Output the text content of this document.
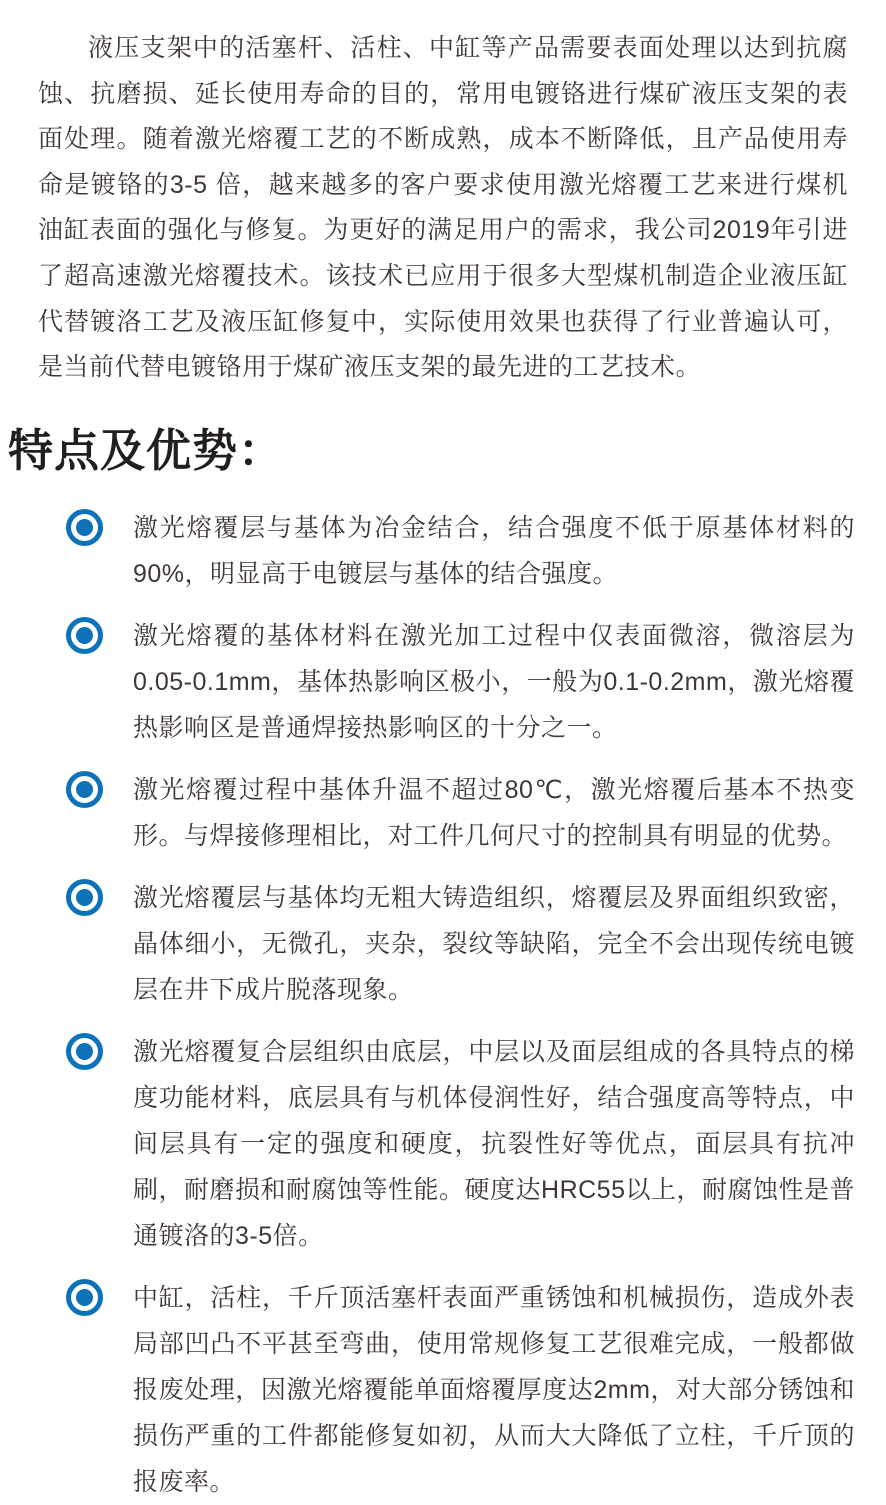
液压支架中的活塞杆、活柱、中缸等产品需要表面处理以达到抗腐蚀、抗磨损、延长使用寿命的目的，常用电镀铬进行煤矿液压支架的表面处理。随着激光熔覆工艺的不断成熟，成本不断降低，且产品使用寿命是镀铬的3-5 倍，越来越多的客户要求使用激光熔覆工艺来进行煤机油缸表面的强化与修复。为更好的满足用户的需求，我公司2019年引进了超高速激光熔覆技术。该技术已应用于很多大型煤机制造企业液压缸代替镀洛工艺及液压缸修复中，实际使用效果也获得了行业普遍认可，是当前代替电镀铬用于煤矿液压支架的最先进的工艺技术。

特点及优势：
激光熔覆层与基体为冶金结合，结合强度不低于原基体材料的90%，明显高于电镀层与基体的结合强度。
激光熔覆的基体材料在激光加工过程中仅表面微溶，微溶层为0.05-0.1mm，基体热影响区极小，一般为0.1-0.2mm，激光熔覆热影响区是普通焊接热影响区的十分之一。
激光熔覆过程中基体升温不超过80℃，激光熔覆后基本不热变形。与焊接修理相比，对工件几何尺寸的控制具有明显的优势。
激光熔覆层与基体均无粗大铸造组织，熔覆层及界面组织致密，晶体细小，无微孔，夹杂，裂纹等缺陷，完全不会出现传统电镀层在井下成片脱落现象。
激光熔覆复合层组织由底层，中层以及面层组成的各具特点的梯度功能材料，底层具有与机体侵润性好，结合强度高等特点，中间层具有一定的强度和硬度，抗裂性好等优点，面层具有抗冲刷，耐磨损和耐腐蚀等性能。硬度达HRC55以上，耐腐蚀性是普通镀洛的3-5倍。
中缸，活柱，千斤顶活塞杆表面严重锈蚀和机械损伤，造成外表局部凹凸不平甚至弯曲，使用常规修复工艺很难完成，一般都做报废处理，因激光熔覆能单面熔覆厚度达2mm，对大部分锈蚀和损伤严重的工件都能修复如初，从而大大降低了立柱，千斤顶的报废率。
